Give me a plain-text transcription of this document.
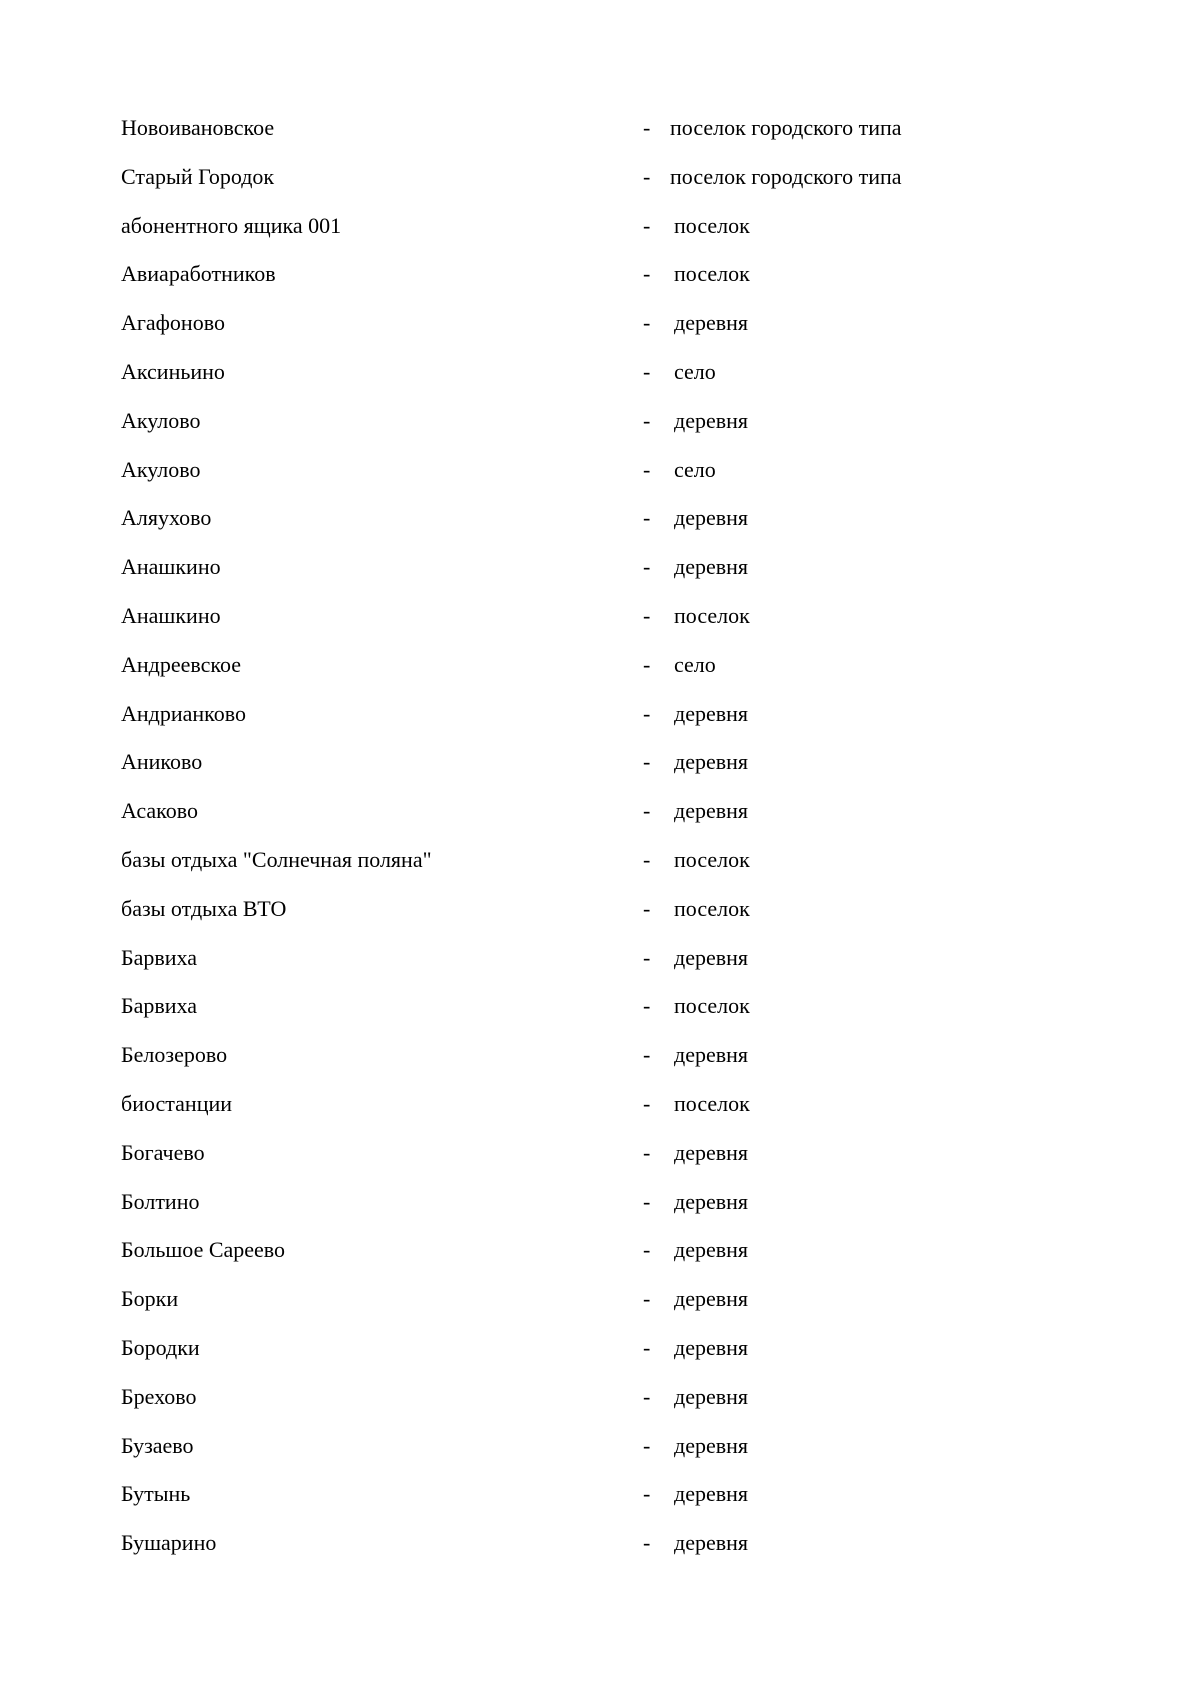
Новоивановское	- поселок городского типа
Старый Городок	- поселок городского типа
абонентного ящика 001	- поселок
Авиаработников	- поселок
Агафоново	- деревня
Аксиньино	- село
Акулово	- деревня
Акулово	- село
Аляухово	- деревня
Анашкино	- деревня
Анашкино	- поселок
Андреевское	- село
Андрианково	- деревня
Аниково	- деревня
Асаково	- деревня
базы отдыха "Солнечная поляна"	- поселок
базы отдыха ВТО	- поселок
Барвиха	- деревня
Барвиха	- поселок
Белозерово	- деревня
биостанции	- поселок
Богачево	- деревня
Болтино	- деревня
Большое Сареево	- деревня
Борки	- деревня
Бородки	- деревня
Брехово	- деревня
Бузаево	- деревня
Бутынь	- деревня
Бушарино	- деревня
